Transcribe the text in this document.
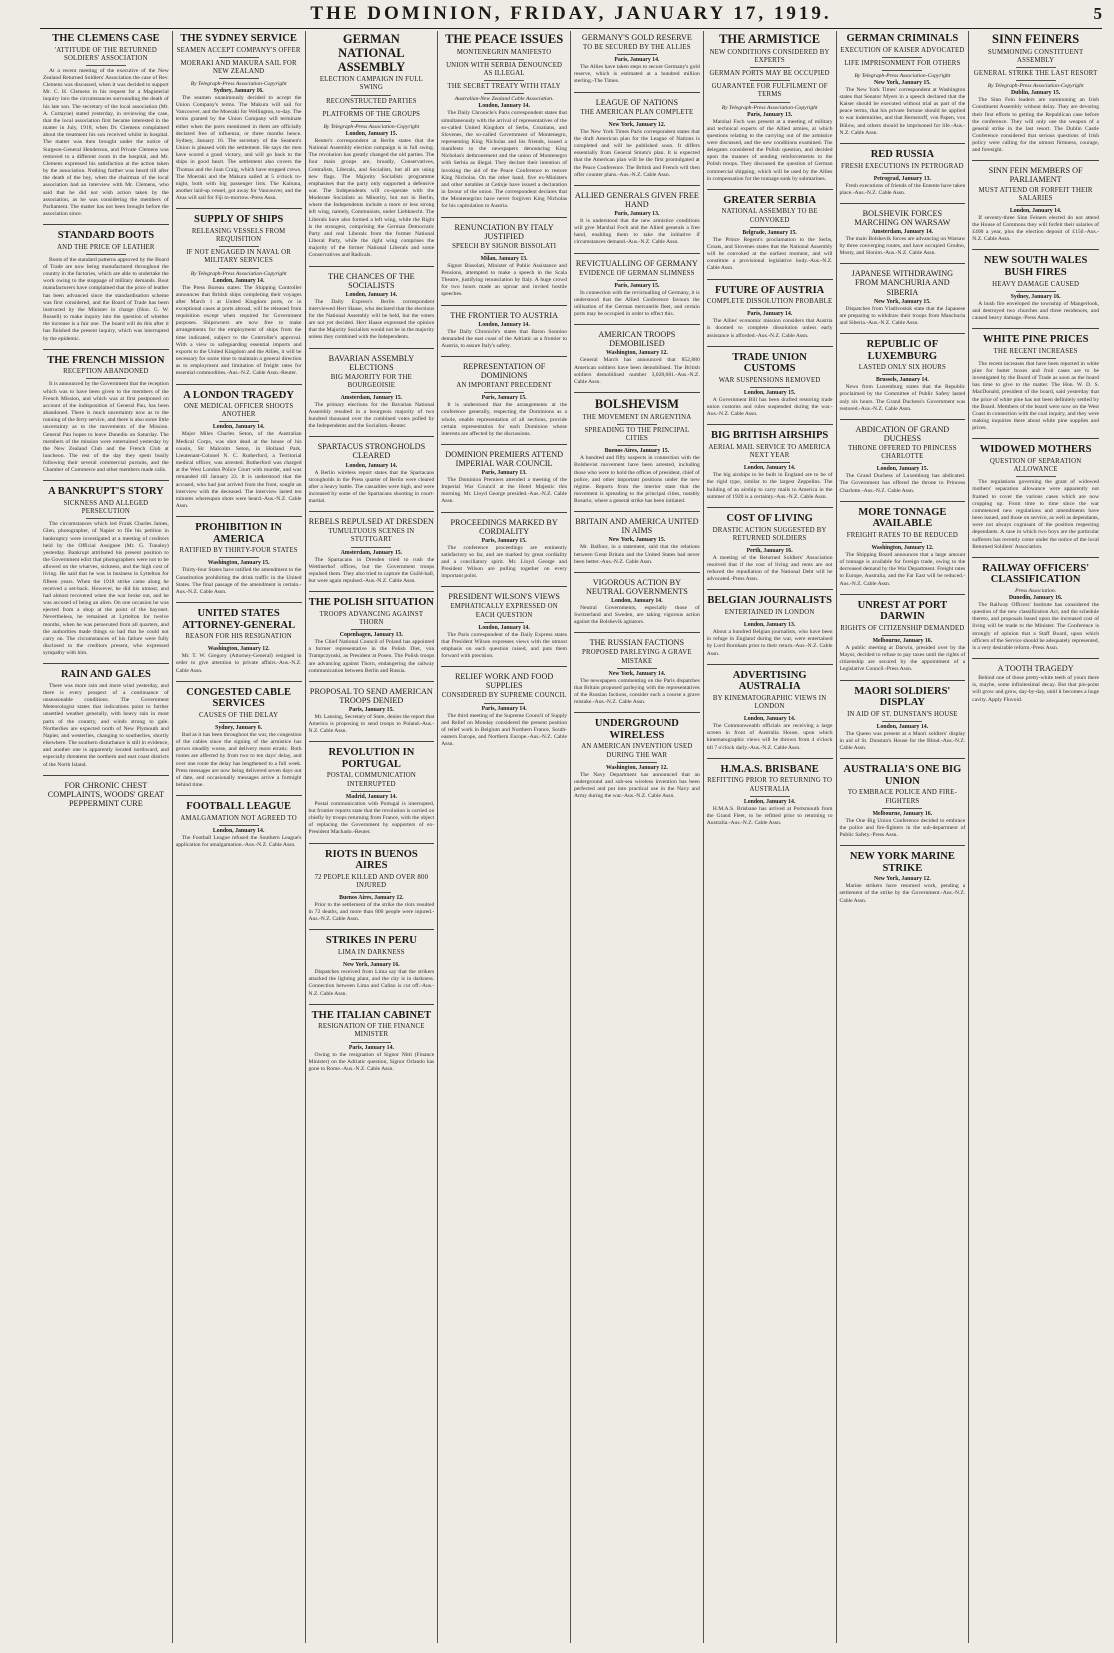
THE DOMINION, FRIDAY, JANUARY 17, 1919.	5
THE CLEMENS CASE
'ATTITUDE OF THE RETURNED SOLDIERS' ASSOCIATION

At a recent meeting of the executive of the New Zealand Returned Soldiers' Association the case of Rev. Clemens was discussed, when it was decided to support Mr. C. H. Clemens in his request for a Magisterial inquiry into the circumstances surrounding the death of his late son. The secretary of the local association (Mr. A. Curtayne) stated yesterday, in reviewing the case, that the local association first became interested in the matter in July, 1918, when Dr. Clemens complained about the treatment his son received whilst in hospital. The matter was then brought under the notice of Surgeon-General Henderson, and Private Clemens was removed to a different room in the hospital, and Mr. Clemens expressed his satisfaction at the action taken by the association. Nothing further was heard till after the death of the boy, when the chairman of the local association had an interview with Mr. Clemens, who said that he did not wish action taken by the association, as he was considering the members of Parliament. The matter has not been brought before the association since.

STANDARD BOOTS
AND THE PRICE OF LEATHER

Boots of the standard patterns approved by the Board of Trade are now being manufactured throughout the country in the factories, which are able to undertake the work owing to the stoppage of military demands. Boot manufacturers have complained that the price of leather has been advanced since the standardisation scheme was first considered, and the Board of Trade has been instructed by the Minister in charge (Hon. G. W. Russell) to make inquiry into the question of whether the increase is a fair one. The board will do this after it has finished the present inquiry, which was interrupted by the epidemic.

THE FRENCH MISSION
RECEPTION ABANDONED

It is announced by the Government that the reception which was to have been given to the members of the French Mission, and which was at first postponed on account of the indisposition of General Pau, has been abandoned. There is much uncertainty now as to the running of the ferry service, and there is also some little uncertainty as to the movements of the Mission. General Pau hopes to leave Dunedin on Saturday. The members of the mission were entertained yesterday by the New Zealand Club and the French Club at luncheon. The rest of the day they spent busily following their several commercial pursuits, and the Chamber of Commerce and other members made calls.

A BANKRUPT'S STORY
SICKNESS AND ALLEGED PERSECUTION

The circumstances which led Frank Charles James, Glen, photographer, of Napier to file his petition in bankruptcy were investigated at a meeting of creditors held by the Official Assignee (Mr. G. Tunaley) yesterday. Bankrupt attributed his present position to the Government edict that photographers were not to be allowed on the wharves, sickness, and the high cost of living. He said that he was in business in Lyttelton for fifteen years. When the 1918 strike came along he received a set-back. However, he did his utmost, and had almost recovered when the war broke out, and he was accused of being an alien. On one occasion he was ejected from a shop at the point of the bayonet. Nevertheless, he remained at Lyttelton for twelve months, when he was persecuted from all quarters, and the authorities made things so bad that he could not carry on. The circumstances of his failure were fully disclosed to the creditors present, who expressed sympathy with him.

RAIN AND GALES

There was more rain and more wind yesterday, and there is every prospect of a continuance of unseasonable conditions. The Government Meteorologist states that indications point to further unsettled weather generally, with heavy rain in most parts of the country, and winds strong to gale. Northerlies are expected north of New Plymouth and Napier, and westerlies, changing to southerlies, shortly elsewhere. The southern disturbance is still in evidence, and another one is apparently located northward, and especially threatens the northern and east coast districts of the North Island.

FOR CHRONIC CHEST COMPLAINTS, WOODS' GREAT PEPPERMINT CURE
THE SYDNEY SERVICE
SEAMEN ACCEPT COMPANY'S OFFER
MOERAKI AND MAKURA SAIL FOR NEW ZEALAND
By Telegraph-Press Association-Copyright
Sydney, January 16.

The seamen unanimously decided to accept the Union Company's terms. The Makura will sail for Vancouver, and the Moeraki for Wellington, to-day. The terms granted by the Union Company will terminate either when the ports mentioned in them are officially declared free of influenza, or three months hence. Sydney, January 16. The secretary of the Seamen's Union is pleased with the settlement. He says the men have scored a good victory, and will go back to the ships in good heart. The settlement also covers the Thomas and the Joan Craig, which have stopped crews. The Moeraki and the Makura sailed at 5 o'clock to-night, both with big passenger lists. The Kaituna, another laid-up vessel, got away for Vancouver, and the Atua will sail for Fiji to-morrow.-Press Assn.

SUPPLY OF SHIPS
RELEASING VESSELS FROM REQUISITION
IF NOT ENGAGED IN NAVAL OR MILITARY SERVICES
By Telegraph-Press Association-Copyright
London, January 14.

The Press Bureau states: The Shipping Controller announces that British ships completing their voyages after March 1 at United Kingdom ports, or in exceptional cases at ports abroad, will be released from requisition except when required for Government purposes. Shipowners are now free to make arrangements for the employment of ships from the time indicated, subject to the Controller's approval. With a view to safeguarding essential imports and exports to the United Kingdom and the Allies, it will be necessary for some time to maintain a general direction as to employment and limitation of freight rates for essential commodities.-Aus.-N.Z. Cable Assn.-Reuter.

A LONDON TRAGEDY
ONE MEDICAL OFFICER SHOOTS ANOTHER
London, January 14.

Major Miles Charles Seton, of the Australian Medical Corps, was shot dead at the house of his cousin, Sir Malcolm Seton, in Holland Park. Lieutenant-Colonel N. C. Rutherford, a Territorial medical officer, was arrested. Rutherford was charged at the West London Police Court with murder, and was remanded till January 23. It is understood that the accused, who had just arrived from the front, sought an interview with the deceased. The interview lasted ten minutes whereupon shots were heard.-Aus.-N.Z. Cable Assn.

PROHIBITION IN AMERICA
RATIFIED BY THIRTY-FOUR STATES
Washington, January 15.

Thirty-four States have ratified the amendment to the Constitution prohibiting the drink traffic in the United States. The final passage of the amendment is certain.-Aus.-N.Z. Cable Assn.

UNITED STATES ATTORNEY-GENERAL
REASON FOR HIS RESIGNATION
Washington, January 12.

Mr. T. W. Gregory (Attorney-General) resigned in order to give attention to private affairs.-Aus.-N.Z. Cable Assn.

CONGESTED CABLE SERVICES
CAUSES OF THE DELAY
Sydney, January 6.

Bad as it has been throughout the war, the congestion of the cables since the signing of the armistice has grown steadily worse, and delivery more erratic. Both routes are affected by from two to ten days' delay, and over one route the delay has lengthened to a full week. Press messages are now being delivered seven days out of date, and occasionally messages arrive a fortnight behind time.

FOOTBALL LEAGUE
AMALGAMATION NOT AGREED TO
London, January 14.

The Football League refused the Southern League's application for amalgamation.-Aus.-N.Z. Cable Assn.

GERMAN NATIONAL ASSEMBLY
ELECTION CAMPAIGN IN FULL SWING
RECONSTRUCTED PARTIES
PLATFORMS OF THE GROUPS
By Telegraph-Press Association-Copyright
London, January 15.

Reuter's correspondent at Berlin states that the National Assembly election campaign is in full swing. The revolution has greatly changed the old parties. The four main groups are, broadly, Conservatives, Centralists, Liberals, and Socialists, but all are using new flags. The Majority Socialists programme emphasises that the party only supported a defensive war. The Independents will co-operate with the Moderate Socialists as Minority, but not in Berlin, where the Independents include a more or less strong left wing, namely, Communists, under Liebknecht. The Liberals have also formed a left wing, while the Right is the strongest, comprising the German Democratic Party and real Liberals from the former National Liberal Party, while the right wing comprises the majority of the former National Liberals and some Conservatives and Radicals.

THE CHANCES OF THE SOCIALISTS
London, January 14.

The Daily Express's Berlin correspondent interviewed Herr Haase, who declared that the elections for the National Assembly will be held, but the voters are not yet decided. Herr Haase expressed the opinion that the Majority Socialists would not be in the majority unless they combined with the Independents.

BAVARIAN ASSEMBLY ELECTIONS
BIG MAJORITY FOR THE BOURGEOISIE
Amsterdam, January 15.

The primary elections for the Bavarian National Assembly resulted in a bourgeois majority of two hundred thousand over the combined votes polled by the Independents and the Socialists.-Reuter.

SPARTACUS STRONGHOLDS CLEARED
London, January 14.

A Berlin wireless report states that the Spartacans strongholds in the Press quarter of Berlin were cleared after a heavy battle. The casualties were high, and were increased by some of the Spartacans shooting in court-martial.

REBELS REPULSED AT DRESDEN
TUMULTUOUS SCENES IN STUTTGART
Amsterdam, January 15.

The Spartacans in Dresden tried to rush the Wettinerhof offices, but the Government troops repulsed them. They also tried to capture the Guild-hall, but were again repulsed.-Aus.-N.Z. Cable Assn.

THE POLISH SITUATION
TROOPS ADVANCING AGAINST THORN
Copenhagen, January 13.

The Chief National Council of Poland has appointed a former representative in the Polish Diet, von Trampczynski, as President at Posen. The Polish troops are advancing against Thorn, endangering the railway communication between Berlin and Russia.

PROPOSAL TO SEND AMERICAN TROOPS DENIED
Paris, January 15.

Mr. Lansing, Secretary of State, denies the report that America is proposing to send troops to Poland.-Aus.-N.Z. Cable Assn.

REVOLUTION IN PORTUGAL
POSTAL COMMUNICATION INTERRUPTED
Madrid, January 14.

Postal communication with Portugal is interrupted, but frontier reports state that the revolution is carried on chiefly by troops returning from France, with the object of replacing the Government by supporters of ex-President Machado.-Reuter.

RIOTS IN BUENOS AIRES
72 PEOPLE KILLED AND OVER 800 INJURED
Buenos Aires, January 12.

Prior to the settlement of the strike the riots resulted in 72 deaths, and more than 800 people were injured.-Aus.-N.Z. Cable Assn.

STRIKES IN PERU
LIMA IN DARKNESS
New York, January 16.

Dispatches received from Lima say that the strikers attacked the lighting plant, and the city is in darkness. Connection between Lima and Callao is cut off.-Aus.-N.Z. Cable Assn.

THE ITALIAN CABINET
RESIGNATION OF THE FINANCE MINISTER
Paris, January 14.

Owing to the resignation of Signor Nitti (Finance Minister) on the Adriatic question, Signor Orlando has gone to Rome.-Aus.-N.Z. Cable Assn.

THE PEACE ISSUES
MONTENEGRIN MANIFESTO
UNION WITH SERBIA DENOUNCED AS ILLEGAL
THE SECRET TREATY WITH ITALY
Australian-New Zealand Cable Association.
London, January 14.

The Daily Chronicle's Paris correspondent states that simultaneously with the arrival of representatives of the so-called United Kingdom of Serbs, Croatians, and Slovenes, the so-called Government of Montenegro, representing King Nicholas and his friends, issued a manifesto to the newspapers denouncing King Nicholas's dethronement and the union of Montenegro with Serbia as illegal. They declare their intention of invoking the aid of the Peace Conference to restore King Nicholas. On the other hand, five ex-Ministers and other notables at Cetinje have issued a declaration in favour of the union. The correspondent declares that the Montenegrins have never forgiven King Nicholas for his capitulation to Austria.

RENUNCIATION BY ITALY JUSTIFIED
SPEECH BY SIGNOR BISSOLATI
Milan, January 13.

Signor Bissolati, Minister of Public Assistance and Pensions, attempted to make a speech in the Scala Theatre, justifying renunciation by Italy. A huge crowd for two hours made an uproar and invited hostile speeches.

THE FRONTIER TO AUSTRIA
London, January 14.

The Daily Chronicle's states that Baron Sonnino demanded the east coast of the Adriatic as a frontier to Austria, to assure Italy's safety.

REPRESENTATION OF DOMINIONS
AN IMPORTANT PRECEDENT
Paris, January 15.

It is understood that the arrangements at the conference generally, respecting the Dominions as a whole, enable representation of all sections, provide certain representation for each Dominion whose interests are affected by the discussions.

DOMINION PREMIERS ATTEND IMPERIAL WAR COUNCIL
Paris, January 13.

The Dominion Premiers attended a meeting of the Imperial War Council at the Hotel Majestic this morning. Mr. Lloyd George presided.-Aus.-N.Z. Cable Assn.

PROCEEDINGS MARKED BY CORDIALITY
Paris, January 15.

The conference proceedings are eminently satisfactory so far, and are marked by great cordiality and a conciliatory spirit. Mr. Lloyd George and President Wilson are pulling together on every important point.

PRESIDENT WILSON'S VIEWS
EMPHATICALLY EXPRESSED ON EACH QUESTION
London, January 14.

The Paris correspondent of the Daily Express states that President Wilson expresses views with the utmost emphasis on each question raised, and puts them forward with precision.

RELIEF WORK AND FOOD SUPPLIES
CONSIDERED BY SUPREME COUNCIL
Paris, January 14.

The third meeting of the Supreme Council of Supply and Relief on Monday considered the present position of relief work in Belgium and Northern France, South-eastern Europe, and Northern Europe.-Aus.-N.Z. Cable Assn.

GERMANY'S GOLD RESERVE
TO BE SECURED BY THE ALLIES
Paris, January 14.

The Allies have taken steps to secure Germany's gold reserve, which is estimated at a hundred million sterling.-The Times.

LEAGUE OF NATIONS
THE AMERICAN PLAN COMPLETE
New York, January 12.

The New York Times Paris correspondent states that the draft American plan for the League of Nations is completed and will be published soon. It differs essentially from General Smuts's plan. It is expected that the American plan will be the first promulgated at the Peace Conference. The British and French will then offer counter plans.-Aus.-N.Z. Cable Assn.

ALLIED GENERALS GIVEN FREE HAND
Paris, January 13.

It is understood that the new armistice conditions will give Marshal Foch and the Allied generals a free hand, enabling them to take the initiative if circumstances demand.-Aus.-N.Z. Cable Assn.

REVICTUALLING OF GERMANY
EVIDENCE OF GERMAN SLIMNESS
Paris, January 15.

In connection with the revictualling of Germany, it is understood that the Allied Conference favours the utilisation of the German mercantile fleet, and certain ports may be occupied in order to effect this.

AMERICAN TROOPS DEMOBILISED
Washington, January 12.

General March has announced that 852,880 American soldiers have been demobilised. The British soldiers demobilised number 3,028,681.-Aus.-N.Z. Cable Assn.

BOLSHEVISM
THE MOVEMENT IN ARGENTINA
SPREADING TO THE PRINCIPAL CITIES
Buenos Aires, January 15.

A hundred and fifty suspects in connection with the Bolshevist movement have been arrested, including those who were to hold the offices of president, chief of police, and other important positions under the new régime. Reports from the interior state that the movement is spreading to the principal cities, notably Rosario, where a general strike has been initiated.

BRITAIN AND AMERICA UNITED IN AIMS
New York, January 15.

Mr. Balfour, in a statement, said that the relations between Great Britain and the United States had never been better.-Aus.-N.Z. Cable Assn.

VIGOROUS ACTION BY NEUTRAL GOVERNMENTS
London, January 14.

Neutral Governments, especially those of Switzerland and Sweden, are taking vigorous action against the Bolshevik agitators.

THE RUSSIAN FACTIONS
PROPOSED PARLEYING A GRAVE MISTAKE
New York, January 14.

The newspapers commenting on the Paris dispatches that Britain proposed parleying with the representatives of the Russian factions, consider such a course a grave mistake.-Aus.-N.Z. Cable Assn.

UNDERGROUND WIRELESS
AN AMERICAN INVENTION USED DURING THE WAR
Washington, January 12.

The Navy Department has announced that an underground and sub-sea wireless invention has been perfected and put into practical use in the Navy and Army during the war.-Aus.-N.Z. Cable Assn.

THE ARMISTICE
NEW CONDITIONS CONSIDERED BY EXPERTS
GERMAN PORTS MAY BE OCCUPIED
GUARANTEE FOR FULFILMENT OF TERMS
By Telegraph-Press Association-Copyright
Paris, January 13.

Marshal Foch was present at a meeting of military and technical experts of the Allied armies, at which questions relating to the carrying out of the armistice were discussed, and the new conditions examined. The delegates considered the Polish question, and decided upon the manner of sending reinforcements to the Polish troops. They discussed the question of German commercial shipping, which will be used by the Allies in compensation for the tonnage sunk by submarines.

GREATER SERBIA
NATIONAL ASSEMBLY TO BE CONVOKED
Belgrade, January 15.

The Prince Regent's proclamation to the Serbs, Croats, and Slovenes states that the National Assembly will be convoked at the earliest moment, and will constitute a provisional legislative body.-Aus.-N.Z. Cable Assn.

FUTURE OF AUSTRIA
COMPLETE DISSOLUTION PROBABLE
Paris, January 14.

The Allies' economic mission considers that Austria is doomed to complete dissolution unless early assistance is afforded.-Aus.-N.Z. Cable Assn.

TRADE UNION CUSTOMS
WAR SUSPENSIONS REMOVED
London, January 15.

A Government Bill has been drafted restoring trade union customs and rules suspended during the war.-Aus.-N.Z. Cable Assn.

BIG BRITISH AIRSHIPS
AERIAL MAIL SERVICE TO AMERICA NEXT YEAR
London, January 14.

The big airships to be built in England are to be of the rigid type, similar to the largest Zeppelins. The building of an airship to carry mails to America in the summer of 1920 is a certainty.-Aus.-N.Z. Cable Assn.

COST OF LIVING
DRASTIC ACTION SUGGESTED BY RETURNED SOLDIERS
Perth, January 16.

A meeting of the Returned Soldiers' Association resolved that if the cost of living and rents are not reduced the repudiation of the National Debt will be advocated.-Press Assn.

BELGIAN JOURNALISTS
ENTERTAINED IN LONDON
London, January 13.

About a hundred Belgian journalists, who have been in refuge in England during the war, were entertained by Lord Burnham prior to their return.-Aus.-N.Z. Cable Assn.

ADVERTISING AUSTRALIA
BY KINEMATOGRAPHIC VIEWS IN LONDON
London, January 14.

The Commonwealth officials are receiving a large screen in front of Australia House, upon which kinematographic views will be thrown from 4 o'clock till 7 o'clock daily.-Aus.-N.Z. Cable Assn.

H.M.A.S. BRISBANE
REFITTING PRIOR TO RETURNING TO AUSTRALIA
London, January 14.

H.M.A.S. Brisbane has arrived at Portsmouth from the Grand Fleet, to be refitted prior to returning to Australia.-Aus.-N.Z. Cable Assn.

GERMAN CRIMINALS
EXECUTION OF KAISER ADVOCATED
LIFE IMPRISONMENT FOR OTHERS
By Telegraph-Press Association-Copyright
New York, January 15.

The New York Times' correspondent at Washington states that Senator Myers in a speech declared that the Kaiser should be executed without trial as part of the peace terms, that his private fortune should be applied to war indemnities, and that Bernstorff, von Papen, von Bülow, and others should be imprisoned for life.-Aus.-N.Z. Cable Assn.

RED RUSSIA
FRESH EXECUTIONS IN PETROGRAD
Petrograd, January 13.

Fresh executions of friends of the Entente have taken place.-Aus.-N.Z. Cable Assn.

BOLSHEVIK FORCES MARCHING ON WARSAW
Amsterdam, January 14.

The main Bolshevik forces are advancing on Warsaw by three converging routes, and have occupied Grodno, Mosty, and Slonim.-Aus.-N.Z. Cable Assn.

JAPANESE WITHDRAWING FROM MANCHURIA AND SIBERIA
New York, January 15.

Dispatches from Vladivostok state that the Japanese are preparing to withdraw their troops from Manchuria and Siberia.-Aus.-N.Z. Cable Assn.

REPUBLIC OF LUXEMBURG
LASTED ONLY SIX HOURS
Brussels, January 14.

News from Luxemburg states that the Republic proclaimed by the Committee of Public Safety lasted only six hours. The Grand Duchess's Government was restored.-Aus.-N.Z. Cable Assn.

ABDICATION OF GRAND DUCHESS
THRONE OFFERED TO PRINCESS CHARLOTTE
London, January 15.

The Grand Duchess of Luxemburg has abdicated. The Government has offered the throne to Princess Charlotte.-Aus.-N.Z. Cable Assn.

MORE TONNAGE AVAILABLE
FREIGHT RATES TO BE REDUCED
Washington, January 12.

The Shipping Board announces that a large amount of tonnage is available for foreign trade, owing to the decreased demand by the War Department. Freight rates to Europe, Australia, and the Far East will be reduced.-Aus.-N.Z. Cable Assn.

UNREST AT PORT DARWIN
RIGHTS OF CITIZENSHIP DEMANDED
Melbourne, January 16.

A public meeting at Darwin, presided over by the Mayor, decided to refuse to pay taxes until the rights of citizenship are secured by the appointment of a Legislative Council.-Press Assn.

MAORI SOLDIERS' DISPLAY
IN AID OF ST. DUNSTAN'S HOUSE
London, January 14.

The Queen was present at a Maori soldiers' display in aid of St. Dunstan's House for the Blind.-Aus.-N.Z. Cable Assn.

AUSTRALIA'S ONE BIG UNION
TO EMBRACE POLICE AND FIRE-FIGHTERS
Melbourne, January 16.

The One Big Union Conference decided to embrace the police and fire-fighters in the sub-department of Public Safety.-Press Assn.

NEW YORK MARINE STRIKE
New York, January 12.

Marine strikers have resumed work, pending a settlement of the strike by the Government.-Aus.-N.Z. Cable Assn.

SINN FEINERS
SUMMONING CONSTITUENT ASSEMBLY
GENERAL STRIKE THE LAST RESORT
By Telegraph-Press Association-Copyright
Dublin, January 15.

The Sinn Fein leaders are summoning an Irish Constituent Assembly without delay. They are devoting their first efforts to getting the Republican case before the conference. They will only use the weapon of a general strike in the last resort. The Dublin Castle Conference considered that serious questions of Irish policy were calling for the utmost firmness, courage, and foresight.

SINN FEIN MEMBERS OF PARLIAMENT
MUST ATTEND OR FORFEIT THEIR SALARIES
London, January 14.

If seventy-three Sinn Feiners elected do not attend the House of Commons they will forfeit their salaries of £400 a year, plus the election deposit of £150.-Aus.-N.Z. Cable Assn.

NEW SOUTH WALES BUSH FIRES
HEAVY DAMAGE CAUSED
Sydney, January 16.

A bush fire enveloped the township of Mangerlook, and destroyed two churches and three residences, and caused heavy damage.-Press Assn.

WHITE PINE PRICES
THE RECENT INCREASES

The recent increases that have been reported in white pine for butter boxes and fruit cases are to be investigated by the Board of Trade as soon as the board has time to give to the matter. The Hon. W. D. S. MacDonald, president of the board, said yesterday that the price of white pine has not been definitely settled by the Board. Members of the board were now on the West Coast in connection with the coal inquiry, and they were making inquiries there about white pine supplies and prices.

WIDOWED MOTHERS
QUESTION OF SEPARATION ALLOWANCE

The regulations governing the grant of widowed mothers' separation allowance were apparently not framed to cover the various cases which are now cropping up. From time to time since the war commenced new regulations and amendments have been issued, and those on service, as well as dependants, were not always cognisant of the position respecting dependants. A case in which two boys are the particular sufferers has recently come under the notice of the local Returned Soldiers' Association.

RAILWAY OFFICERS' CLASSIFICATION
Press Association.
Dunedin, January 16.

The Railway Officers' Institute has considered the question of the new classification Act, and the schedule thereto, and proposals based upon the increased cost of living will be made to the Minister. The Conference is strongly of opinion that a Staff Board, upon which officers of the Service should be adequately represented, is a very desirable reform.-Press Assn.

A TOOTH TRAGEDY

Behind one of those pretty-white teeth of yours there is, maybe, some infinitesimal decay. But that pin-point will grow and grow, day-by-day, until it becomes a huge cavity. Apply Fluvoid.
